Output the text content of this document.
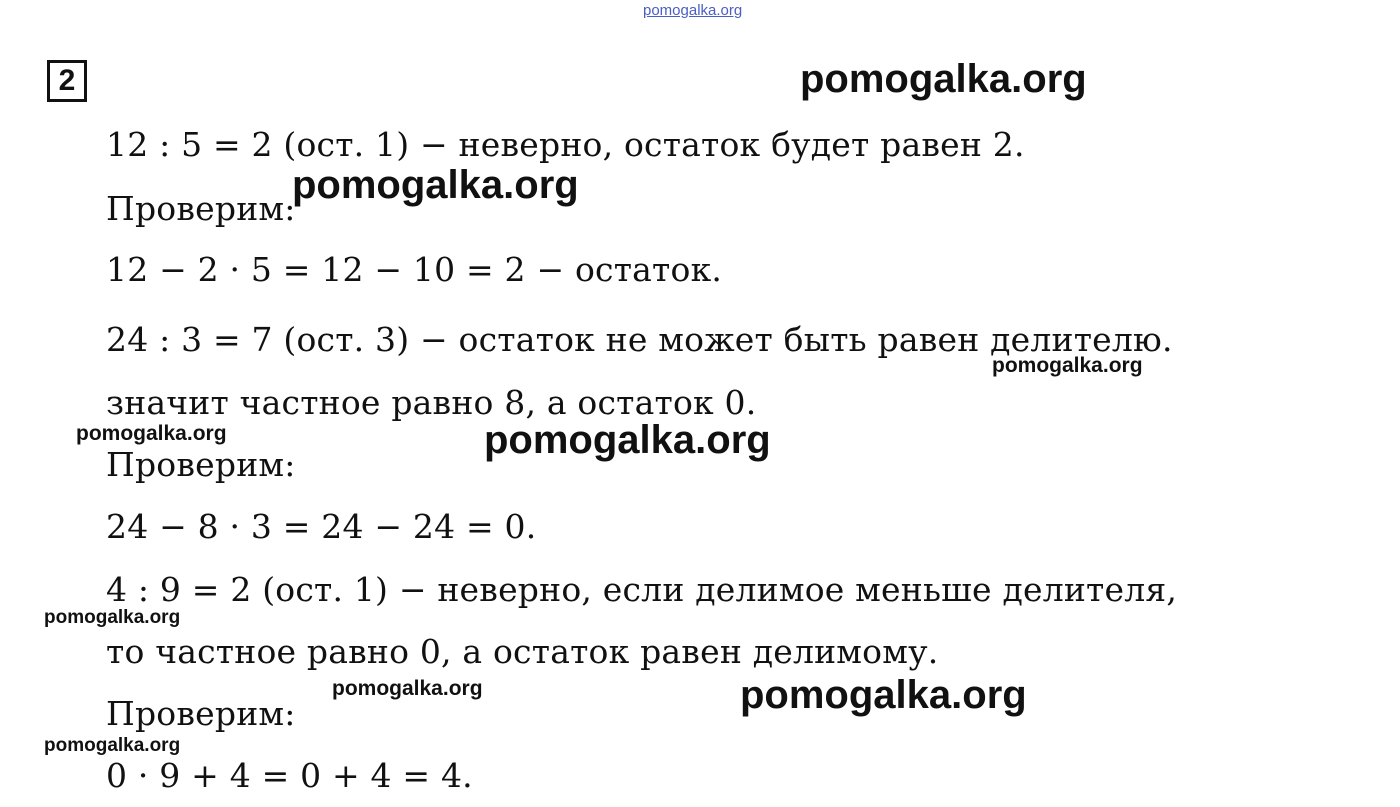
pomogalka.org
2
12 : 5 = 2 (ост. 1) − неверно, остаток будет равен 2.
Проверим:
12 − 2 · 5 = 12 − 10 = 2 − остаток.
24 : 3 = 7 (ост. 3) − остаток не может быть равен делителю.
значит частное равно 8, а остаток 0.
Проверим:
24 − 8 · 3 = 24 − 24 = 0.
4 : 9 = 2 (ост. 1) − неверно, если делимое меньше делителя,
то частное равно 0, а остаток равен делимому.
Проверим:
0 · 9 + 4 = 0 + 4 = 4.
pomogalka.org
pomogalka.org
pomogalka.org
pomogalka.org	pomogalka.org
pomogalka.org
pomogalka.org	pomogalka.org
pomogalka.org
